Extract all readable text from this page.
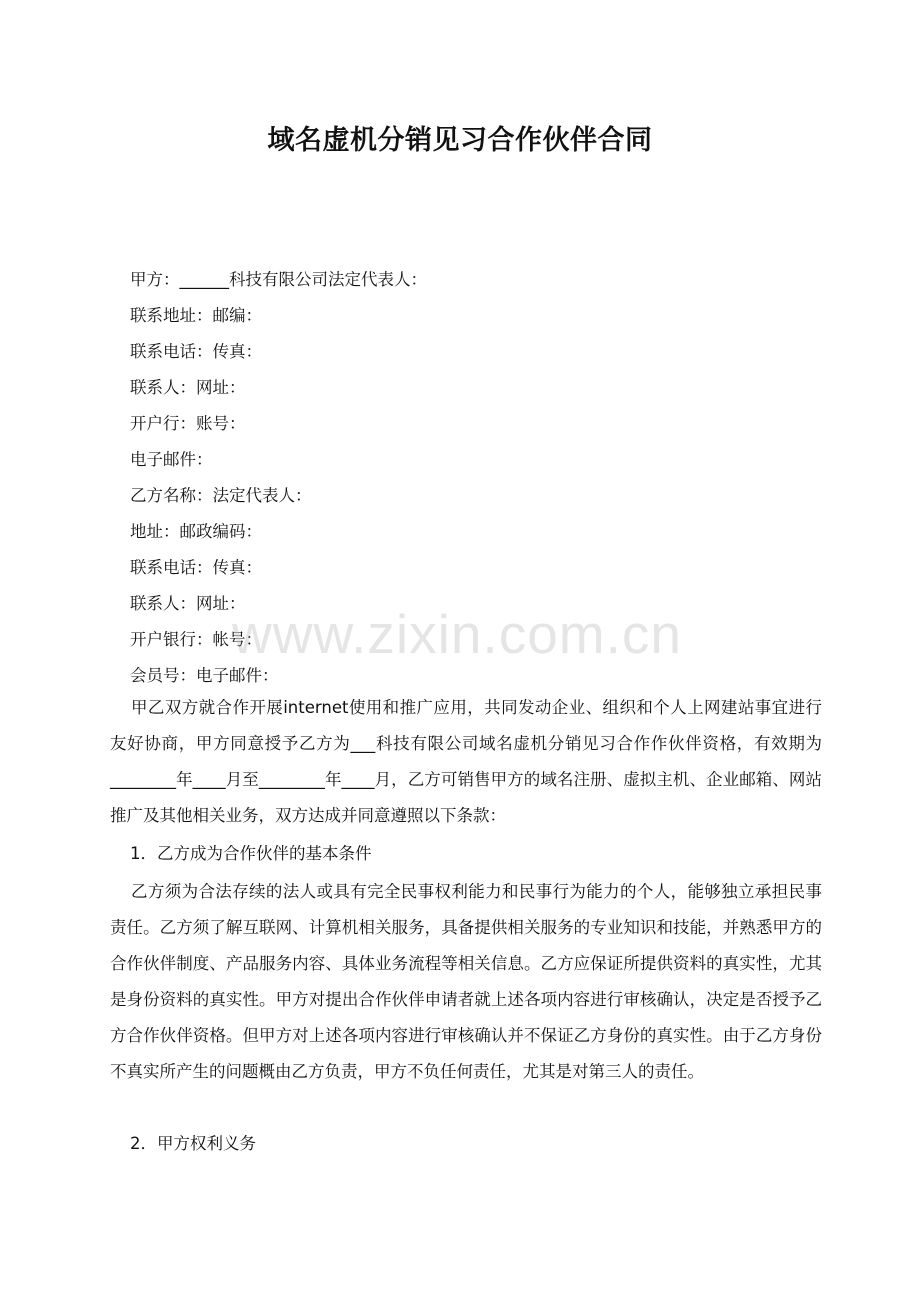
域名虚机分销见习合作伙伴合同
甲方：______科技有限公司法定代表人：
联系地址：邮编：
联系电话：传真：
联系人：网址：
开户行：账号：
电子邮件：
乙方名称：法定代表人：
地址：邮政编码：
联系电话：传真：
联系人：网址：
开户银行：帐号：
会员号：电子邮件：
www.zixin.com.cn

甲乙双方就合作开展internet使用和推广应用，共同发动企业、组织和个人上网建站事宜进行友好协商，甲方同意授予乙方为___科技有限公司域名虚机分销见习合作作伙伴资格，有效期为________年____月至________年____月，乙方可销售甲方的域名注册、虚拟主机、企业邮箱、网站推广及其他相关业务，双方达成并同意遵照以下条款：

1．乙方成为合作伙伴的基本条件

乙方须为合法存续的法人或具有完全民事权利能力和民事行为能力的个人，能够独立承担民事责任。乙方须了解互联网、计算机相关服务，具备提供相关服务的专业知识和技能，并熟悉甲方的合作伙伴制度、产品服务内容、具体业务流程等相关信息。乙方应保证所提供资料的真实性，尤其是身份资料的真实性。甲方对提出合作伙伴申请者就上述各项内容进行审核确认，决定是否授予乙方合作伙伴资格。但甲方对上述各项内容进行审核确认并不保证乙方身份的真实性。由于乙方身份不真实所产生的问题概由乙方负责，甲方不负任何责任，尤其是对第三人的责任。

2．甲方权利义务
